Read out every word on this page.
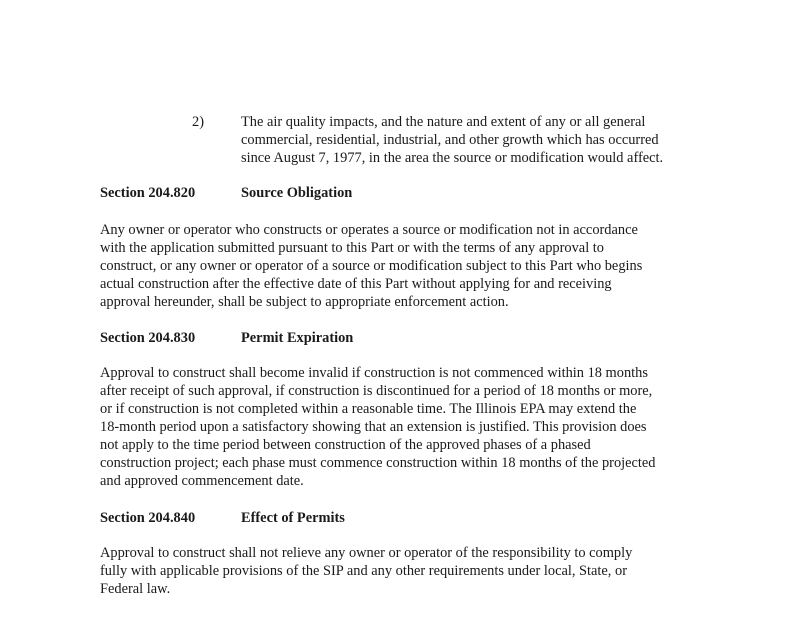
2)	The air quality impacts, and the nature and extent of any or all general
commercial, residential, industrial, and other growth which has occurred
since August 7, 1977, in the area the source or modification would affect.
Section 204.820	Source Obligation
Any owner or operator who constructs or operates a source or modification not in accordance
with the application submitted pursuant to this Part or with the terms of any approval to
construct, or any owner or operator of a source or modification subject to this Part who begins
actual construction after the effective date of this Part without applying for and receiving
approval hereunder, shall be subject to appropriate enforcement action.
Section 204.830	Permit Expiration
Approval to construct shall become invalid if construction is not commenced within 18 months
after receipt of such approval, if construction is discontinued for a period of 18 months or more,
or if construction is not completed within a reasonable time. The Illinois EPA may extend the
18-month period upon a satisfactory showing that an extension is justified. This provision does
not apply to the time period between construction of the approved phases of a phased
construction project; each phase must commence construction within 18 months of the projected
and approved commencement date.
Section 204.840	Effect of Permits
Approval to construct shall not relieve any owner or operator of the responsibility to comply
fully with applicable provisions of the SIP and any other requirements under local, State, or
Federal law.
